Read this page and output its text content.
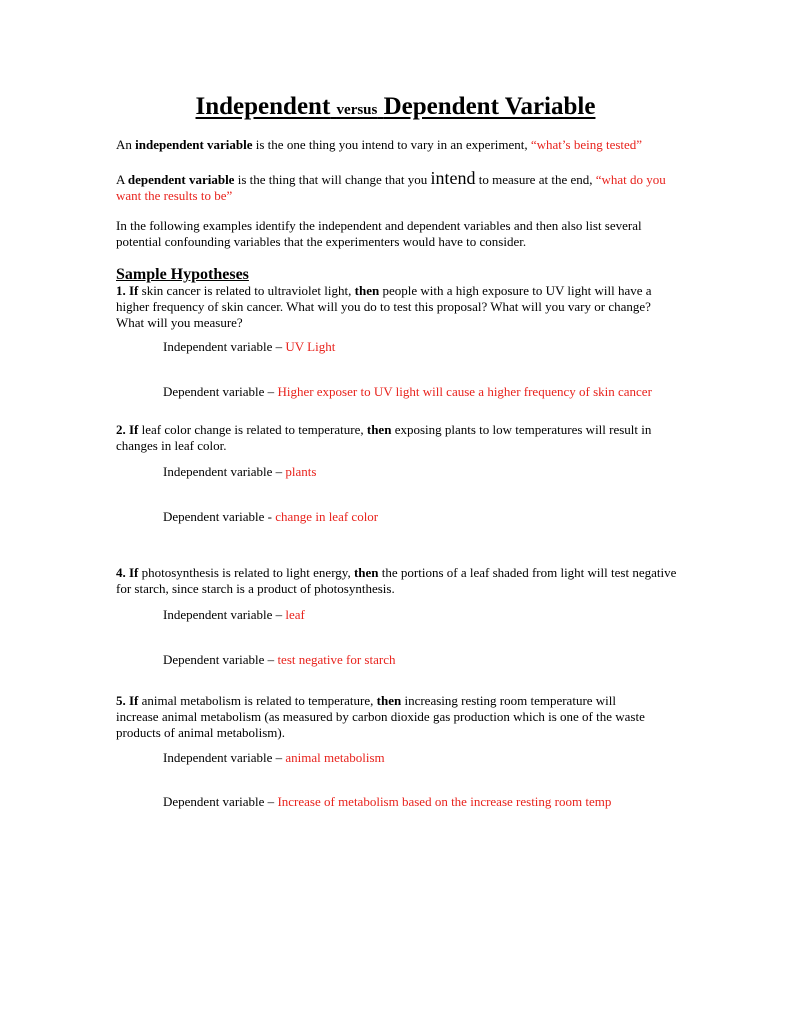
Independent versus Dependent Variable
An independent variable is the one thing you intend to vary in an experiment, “what’s being tested”
A dependent variable is the thing that will change that you intend to measure at the end, “what do you want the results to be”
In the following examples identify the independent and dependent variables and then also list several potential confounding variables that the experimenters would have to consider.
Sample Hypotheses
1. If skin cancer is related to ultraviolet light, then people with a high exposure to UV light will have a higher frequency of skin cancer. What will you do to test this proposal? What will you vary or change? What will you measure?
Independent variable – UV Light
Dependent variable – Higher exposer to UV light will cause a higher frequency of skin cancer
2. If leaf color change is related to temperature, then exposing plants to low temperatures will result in changes in leaf color.
Independent variable – plants
Dependent variable - change in leaf color
4. If photosynthesis is related to light energy, then the portions of a leaf shaded from light will test negative for starch, since starch is a product of photosynthesis.
Independent variable – leaf
Dependent variable – test negative for starch
5. If animal metabolism is related to temperature, then increasing resting room temperature will increase animal metabolism (as measured by carbon dioxide gas production which is one of the waste products of animal metabolism).
Independent variable – animal metabolism
Dependent variable – Increase of metabolism based on the increase resting room temp
